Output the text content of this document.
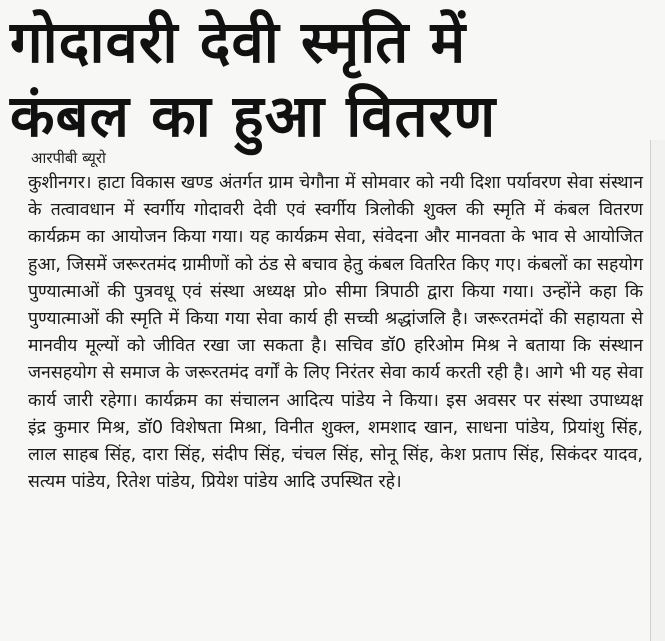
गोदावरी देवी स्मृति में
कंबल का हुआ वितरण
आरपीबी ब्यूरो
कुशीनगर। हाटा विकास खण्ड अंतर्गत ग्राम चेगौना में सोमवार को नयी दिशा पर्यावरण सेवा संस्थान के तत्वावधान में स्वर्गीय गोदावरी देवी एवं स्वर्गीय त्रिलोकी शुक्ल की स्मृति में कंबल वितरण कार्यक्रम का आयोजन किया गया। यह कार्यक्रम सेवा, संवेदना और मानवता के भाव से आयोजित हुआ, जिसमें जरूरतमंद ग्रामीणों को ठंड से बचाव हेतु कंबल वितरित किए गए। कंबलों का सहयोग पुण्यात्माओं की पुत्रवधू एवं संस्था अध्यक्ष प्रो० सीमा त्रिपाठी द्वारा किया गया। उन्होंने कहा कि पुण्यात्माओं की स्मृति में किया गया सेवा कार्य ही सच्ची श्रद्धांजलि है। जरूरतमंदों की सहायता से मानवीय मूल्यों को जीवित रखा जा सकता है। सचिव डॉ0 हरिओम मिश्र ने बताया कि संस्थान जनसहयोग से समाज के जरूरतमंद वर्गों के लिए निरंतर सेवा कार्य करती रही है। आगे भी यह सेवा कार्य जारी रहेगा। कार्यक्रम का संचालन आदित्य पांडेय ने किया। इस अवसर पर संस्था उपाध्यक्ष इंद्र कुमार मिश्र, डॉ0 विशेषता मिश्रा, विनीत शुक्ल, शमशाद खान, साधना पांडेय, प्रियांशु सिंह, लाल साहब सिंह, दारा सिंह, संदीप सिंह, चंचल सिंह, सोनू सिंह, केश प्रताप सिंह, सिकंदर यादव, सत्यम पांडेय, रितेश पांडेय, प्रियेश पांडेय आदि उपस्थित रहे।
